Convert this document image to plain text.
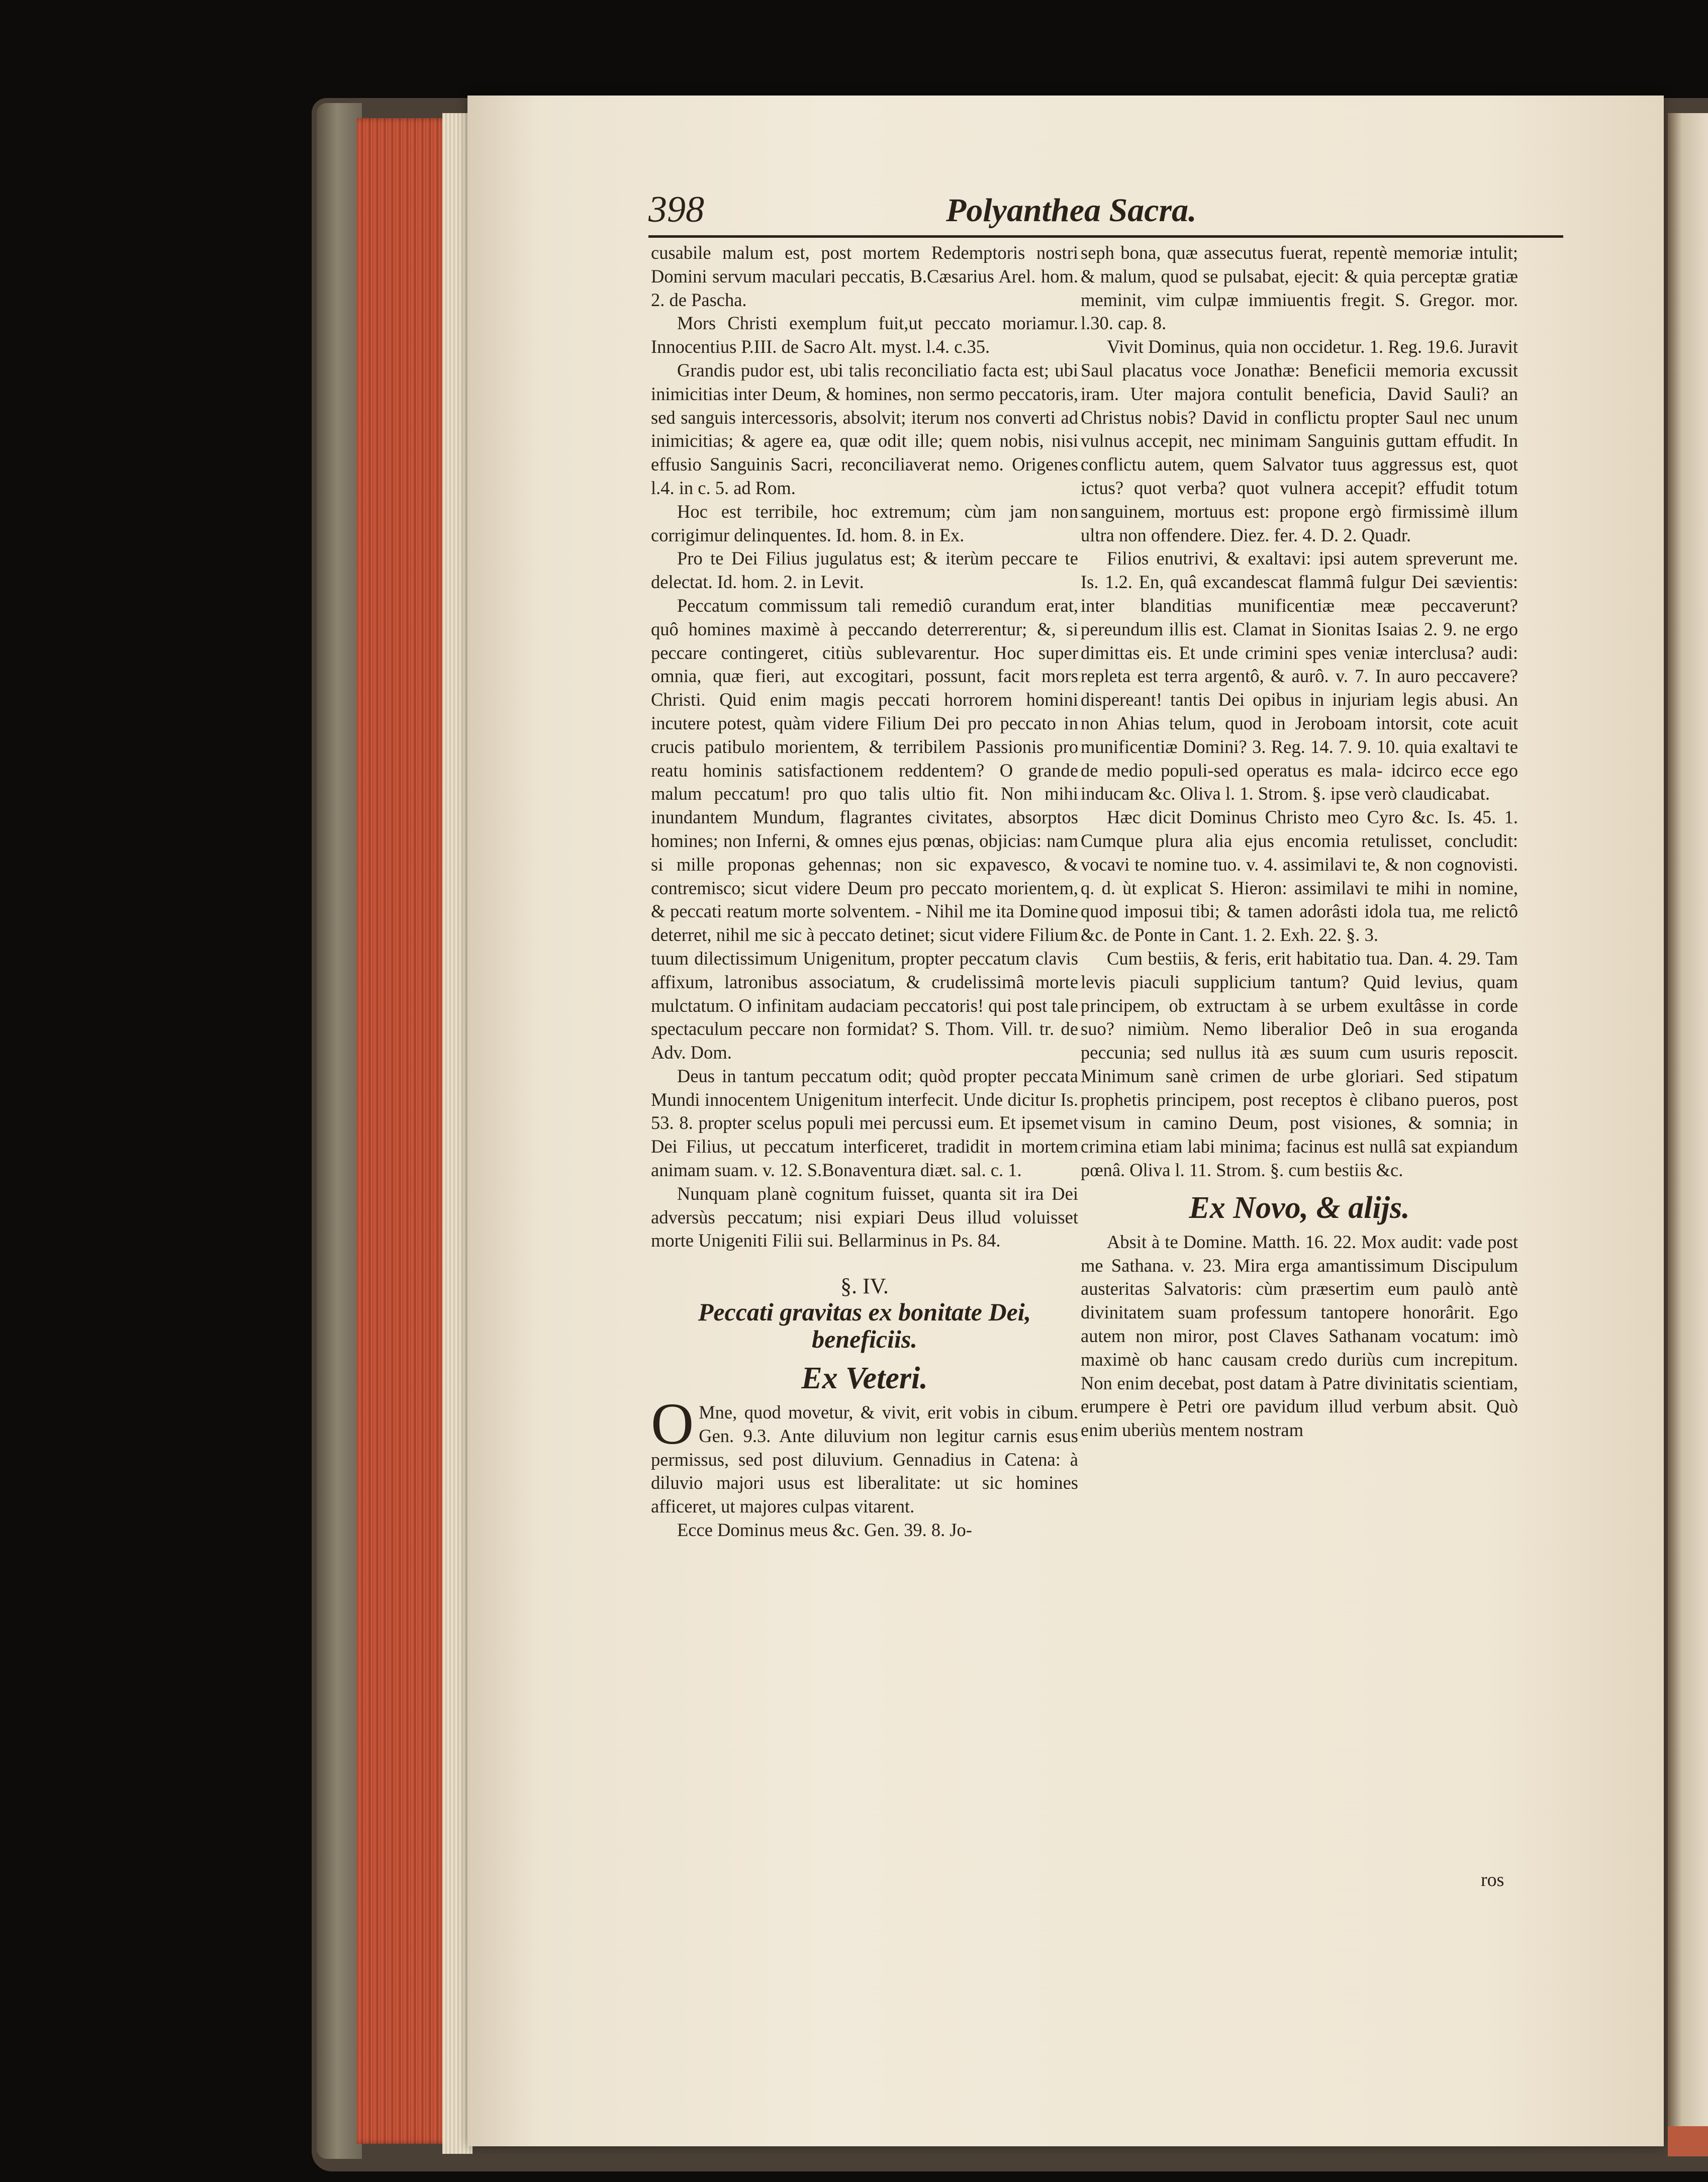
398	Polyanthea Sacra.

cusabile malum est, post mortem Redemptoris nostri Domini servum maculari peccatis, B.Cæsarius Arel. hom. 2. de Pascha.

Mors Christi exemplum fuit,ut peccato moriamur. Innocentius P.III. de Sacro Alt. myst. l.4. c.35.

Grandis pudor est, ubi talis reconciliatio facta est; ubi inimicitias inter Deum, & homines, non sermo peccatoris, sed sanguis intercessoris, absolvit; iterum nos converti ad inimicitias; & agere ea, quæ odit ille; quem nobis, nisi effusio Sanguinis Sacri, reconciliaverat nemo. Origenes l.4. in c. 5. ad Rom.

Hoc est terribile, hoc extremum; cùm jam non corrigimur delinquentes. Id. hom. 8. in Ex.

Pro te Dei Filius jugulatus est; & iterùm peccare te delectat. Id. hom. 2. in Levit.

Peccatum commissum tali remediô curandum erat, quô homines maximè à peccando deterrerentur; &, si peccare contingeret, citiùs sublevarentur. Hoc super omnia, quæ fieri, aut excogitari, possunt, facit mors Christi. Quid enim magis peccati horrorem homini incutere potest, quàm videre Filium Dei pro peccato in crucis patibulo morientem, & terribilem Passionis pro reatu hominis satisfactionem reddentem? O grande malum peccatum! pro quo talis ultio fit. Non mihi inundantem Mundum, flagrantes civitates, absorptos homines; non Inferni, & omnes ejus pœnas, objicias: nam si mille proponas gehennas; non sic expavesco, & contremisco; sicut videre Deum pro peccato morientem, & peccati reatum morte solventem. - Nihil me ita Domine deterret, nihil me sic à peccato detinet; sicut videre Filium tuum dilectissimum Unigenitum, propter peccatum clavis affixum, latronibus associatum, & crudelissimâ morte mulctatum. O infinitam audaciam peccatoris! qui post tale spectaculum peccare non formidat? S. Thom. Vill. tr. de Adv. Dom.

Deus in tantum peccatum odit; quòd propter peccata Mundi innocentem Unigenitum interfecit. Unde dicitur Is. 53. 8. propter scelus populi mei percussi eum. Et ipsemet Dei Filius, ut peccatum interficeret, tradidit in mortem animam suam. v. 12. S.Bonaventura diæt. sal. c. 1.

Nunquam planè cognitum fuisset, quanta sit ira Dei adversùs peccatum; nisi expiari Deus illud voluisset morte Unigeniti Filii sui. Bellarminus in Ps. 84.

§. IV.

Peccati gravitas ex bonitate Dei, beneficiis.

Ex Veteri.

O Mne, quod movetur, & vivit, erit vobis in cibum. Gen. 9.3. Ante diluvium non legitur carnis esus permissus, sed post diluvium. Gennadius in Catena: à diluvio majori usus est liberalitate: ut sic homines afficeret, ut majores culpas vitarent.

Ecce Dominus meus &c. Gen. 39. 8. Jo-

seph bona, quæ assecutus fuerat, repentè memoriæ intulit; & malum, quod se pulsabat, ejecit: & quia perceptæ gratiæ meminit, vim culpæ immiuentis fregit. S. Gregor. mor. l.30. cap. 8.

Vivit Dominus, quia non occidetur. 1. Reg. 19.6. Juravit Saul placatus voce Jonathæ: Beneficii memoria excussit iram. Uter majora contulit beneficia, David Sauli? an Christus nobis? David in conflictu propter Saul nec unum vulnus accepit, nec minimam Sanguinis guttam effudit. In conflictu autem, quem Salvator tuus aggressus est, quot ictus? quot verba? quot vulnera accepit? effudit totum sanguinem, mortuus est: propone ergò firmissimè illum ultra non offendere. Diez. fer. 4. D. 2. Quadr.

Filios enutrivi, & exaltavi: ipsi autem spreverunt me. Is. 1.2. En, quâ excandescat flammâ fulgur Dei sævientis: inter blanditias munificentiæ meæ peccaverunt? pereundum illis est. Clamat in Sionitas Isaias 2. 9. ne ergo dimittas eis. Et unde crimini spes veniæ interclusa? audi: repleta est terra argentô, & aurô. v. 7. In auro peccavere? dispereant! tantis Dei opibus in injuriam legis abusi. An non Ahias telum, quod in Jeroboam intorsit, cote acuit munificentiæ Domini? 3. Reg. 14. 7. 9. 10. quia exaltavi te de medio populi-sed operatus es mala- idcirco ecce ego inducam &c. Oliva l. 1. Strom. §. ipse verò claudicabat.

Hæc dicit Dominus Christo meo Cyro &c. Is. 45. 1. Cumque plura alia ejus encomia retulisset, concludit: vocavi te nomine tuo. v. 4. assimilavi te, & non cognovisti. q. d. ùt explicat S. Hieron: assimilavi te mihi in nomine, quod imposui tibi; & tamen adorâsti idola tua, me relictô &c. de Ponte in Cant. 1. 2. Exh. 22. §. 3.

Cum bestiis, & feris, erit habitatio tua. Dan. 4. 29. Tam levis piaculi supplicium tantum? Quid levius, quam principem, ob extructam à se urbem exultâsse in corde suo? nimiùm. Nemo liberalior Deô in sua eroganda peccunia; sed nullus ità æs suum cum usuris reposcit. Minimum sanè crimen de urbe gloriari. Sed stipatum prophetis principem, post receptos è clibano pueros, post visum in camino Deum, post visiones, & somnia; in crimina etiam labi minima; facinus est nullâ sat expiandum pœnâ. Oliva l. 11. Strom. §. cum bestiis &c.

Ex Novo, & alijs.

Absit à te Domine. Matth. 16. 22. Mox audit: vade post me Sathana. v. 23. Mira erga amantissimum Discipulum austeritas Salvatoris: cùm præsertim eum paulò antè divinitatem suam professum tantopere honorârit. Ego autem non miror, post Claves Sathanam vocatum: imò maximè ob hanc causam credo duriùs cum increpitum. Non enim decebat, post datam à Patre divinitatis scientiam, erumpere è Petri ore pavidum illud verbum absit. Quò enim uberiùs mentem nostram

ros
